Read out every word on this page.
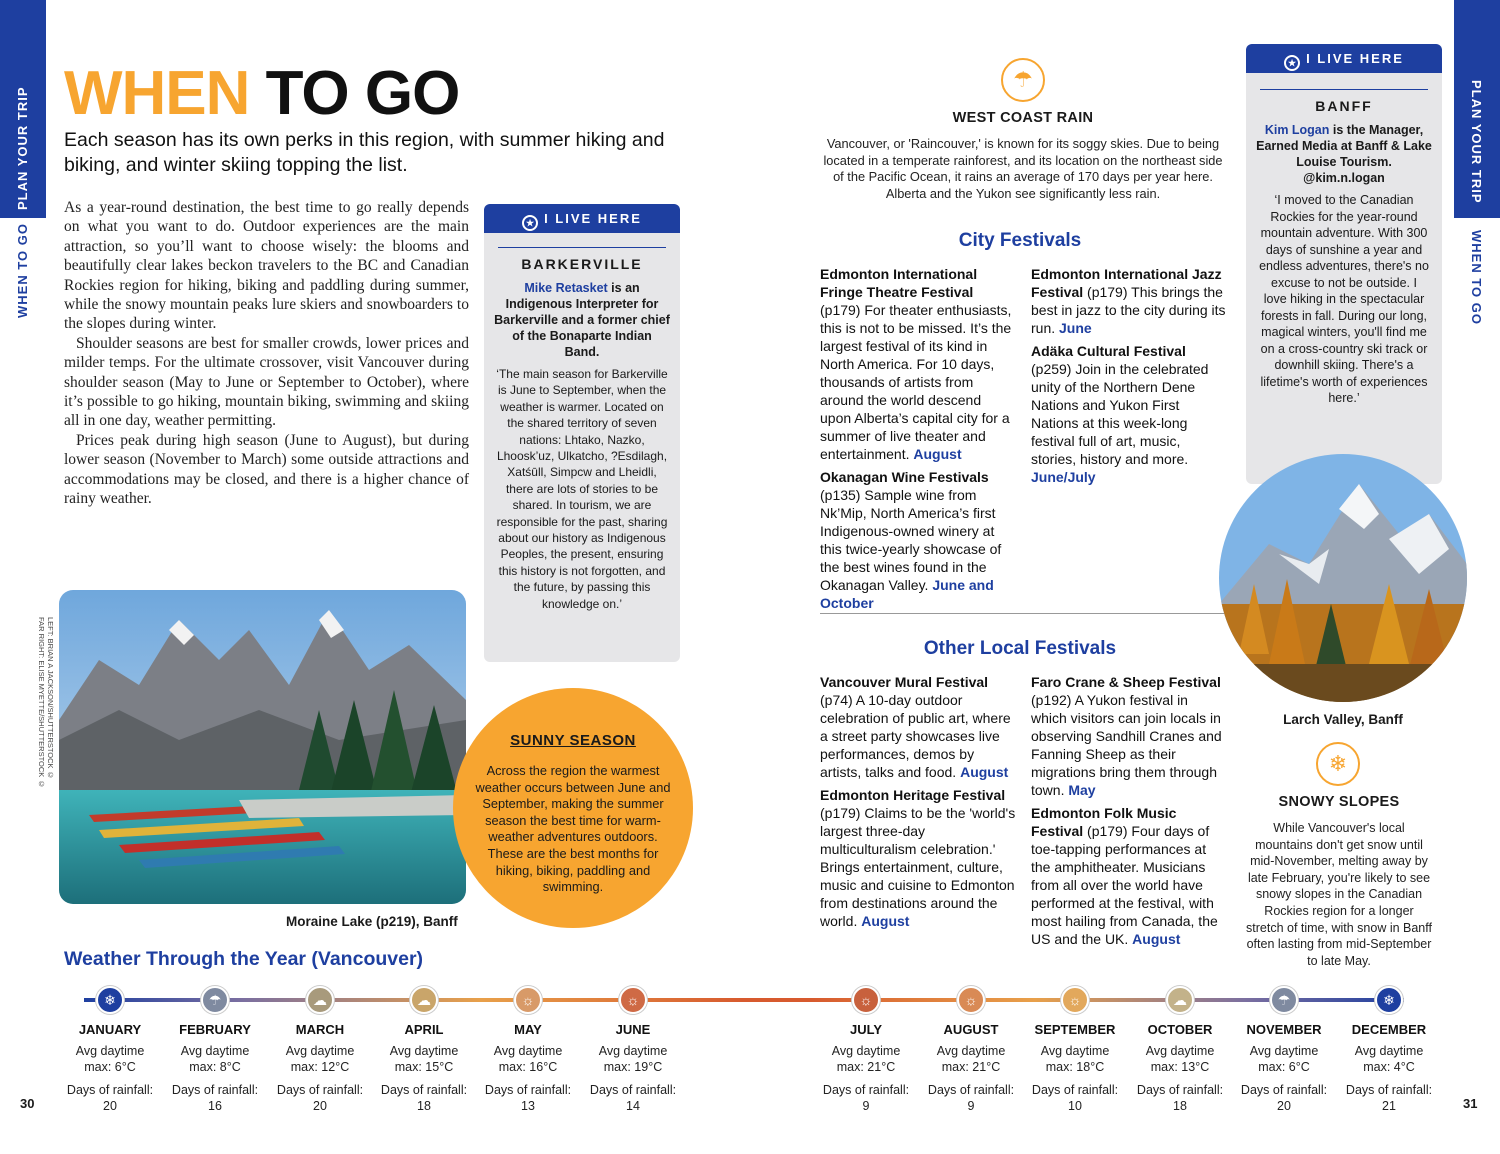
PLAN YOUR TRIP
WHEN TO GO
PLAN YOUR TRIP
WHEN TO GO
WHEN TO GO
Each season has its own perks in this region, with summer hiking and biking, and winter skiing topping the list.

As a year-round destination, the best time to go really depends on what you want to do. Outdoor experiences are the main attraction, so you’ll want to choose wisely: the blooms and beautifully clear lakes beckon travelers to the BC and Canadian Rockies region for hiking, biking and paddling during summer, while the snowy mountain peaks lure skiers and snowboarders to the slopes during winter.

Shoulder seasons are best for smaller crowds, lower prices and milder temps. For the ultimate crossover, visit Vancouver during shoulder season (May to June or September to October), where it’s possible to go hiking, mountain biking, swimming and skiing all in one day, weather permitting.

Prices peak during high season (June to August), but during lower season (November to March) some outside attractions and accommodations may be closed, and there is a higher chance of rainy weather.

★ I LIVE HERE
BARKERVILLE
Mike Retasket is an Indigenous Interpreter for Barkerville and a former chief of the Bonaparte Indian Band.
‘The main season for Barkerville is June to September, when the weather is warmer. Located on the shared territory of seven nations: Lhtako, Nazko, Lhoosk’uz, Ulkatcho, ?Esdilagh, Xatśūll, Simpcw and Lheidli, there are lots of stories to be shared. In tourism, we are responsible for the past, sharing about our history as Indigenous Peoples, the present, ensuring this history is not forgotten, and the future, by passing this knowledge on.’
LEFT: BRIAN A JACKSON/SHUTTERSTOCK ©
FAR RIGHT: ELISE MYETTE/SHUTTERSTOCK ©
Moraine Lake (p219), Banff
SUNNY SEASON
Across the region the warmest weather occurs between June and September, making the summer season the best time for warm-weather adventures outdoors. These are the best months for hiking, biking, paddling and swimming.
☂
WEST COAST RAIN
Vancouver, or 'Raincouver,' is known for its soggy skies. Due to being located in a temperate rainforest, and its location on the northeast side of the Pacific Ocean, it rains an average of 170 days per year here. Alberta and the Yukon see significantly less rain.
City Festivals

Edmonton International Fringe Theatre Festival (p179) For theater enthusiasts, this is not to be missed. It’s the largest festival of its kind in North America. For 10 days, thousands of artists from around the world descend upon Alberta’s capital city for a summer of live theater and entertainment. August

Okanagan Wine Festivals (p135) Sample wine from Nk’Mip, North America’s first Indigenous-owned winery at this twice-yearly showcase of the best wines found in the Okanagan Valley. June and October

Edmonton International Jazz Festival (p179) This brings the best in jazz to the city during its run. June

Adäka Cultural Festival (p259) Join in the celebrated unity of the Northern Dene Nations and Yukon First Nations at this week-long festival full of art, music, stories, history and more. June/July

Other Local Festivals

Vancouver Mural Festival (p74) A 10-day outdoor celebration of public art, where a street party showcases live performances, demos by artists, talks and food. August

Edmonton Heritage Festival (p179) Claims to be the 'world's largest three-day multiculturalism celebration.' Brings entertainment, culture, music and cuisine to Edmonton from destinations around the world. August

Faro Crane & Sheep Festival (p192) A Yukon festival in which visitors can join locals in observing Sandhill Cranes and Fanning Sheep as their migrations bring them through town. May

Edmonton Folk Music Festival (p179) Four days of toe-tapping performances at the amphitheater. Musicians from all over the world have performed at the festival, with most hailing from Canada, the US and the UK. August

★ I LIVE HERE
BANFF
Kim Logan is the Manager, Earned Media at Banff & Lake Louise Tourism. @kim.n.logan
‘I moved to the Canadian Rockies for the year-round mountain adventure. With 300 days of sunshine a year and endless adventures, there's no excuse to not be outside. I love hiking in the spectacular forests in fall. During our long, magical winters, you'll find me on a cross-country ski track or downhill skiing. There's a lifetime's worth of experiences here.’
Larch Valley, Banff
❄
SNOWY SLOPES
While Vancouver's local mountains don't get snow until mid-November, melting away by late February, you're likely to see snowy slopes in the Canadian Rockies region for a longer stretch of time, with snow in Banff often lasting from mid-September to late May.
Weather Through the Year (Vancouver)
❄
JANUARY
Avg daytime
max: 6°C
Days of rainfall:
20
☂
FEBRUARY
Avg daytime
max: 8°C
Days of rainfall:
16
☁
MARCH
Avg daytime
max: 12°C
Days of rainfall:
20
☁
APRIL
Avg daytime
max: 15°C
Days of rainfall:
18
☼
MAY
Avg daytime
max: 16°C
Days of rainfall:
13
☼
JUNE
Avg daytime
max: 19°C
Days of rainfall:
14
☼
JULY
Avg daytime
max: 21°C
Days of rainfall:
9
☼
AUGUST
Avg daytime
max: 21°C
Days of rainfall:
9
☼
SEPTEMBER
Avg daytime
max: 18°C
Days of rainfall:
10
☁
OCTOBER
Avg daytime
max: 13°C
Days of rainfall:
18
☂
NOVEMBER
Avg daytime
max: 6°C
Days of rainfall:
20
❄
DECEMBER
Avg daytime
max: 4°C
Days of rainfall:
21
30	31
